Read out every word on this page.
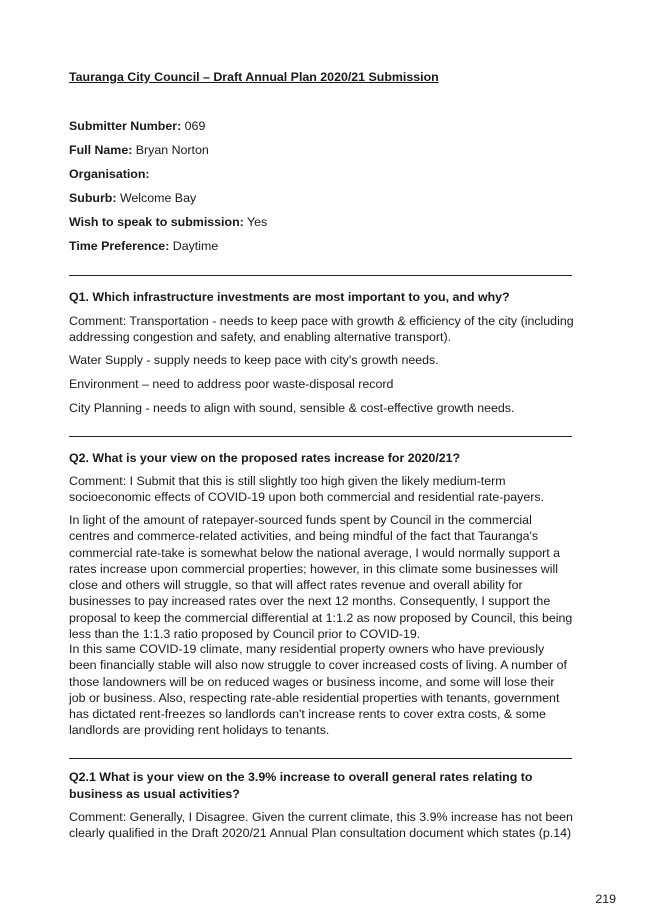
Tauranga City Council – Draft Annual Plan 2020/21 Submission
Submitter Number: 069
Full Name: Bryan Norton
Organisation:
Suburb: Welcome Bay
Wish to speak to submission: Yes
Time Preference: Daytime
Q1. Which infrastructure investments are most important to you, and why?
Comment: Transportation - needs to keep pace with growth & efficiency of the city (including addressing congestion and safety, and enabling alternative transport).
Water Supply - supply needs to keep pace with city's growth needs.
Environment – need to address poor waste-disposal record
City Planning - needs to align with sound, sensible & cost-effective growth needs.
Q2. What is your view on the proposed rates increase for 2020/21?
Comment: I Submit that this is still slightly too high given the likely medium-term socioeconomic effects of COVID-19 upon both commercial and residential rate-payers.
In light of the amount of ratepayer-sourced funds spent by Council in the commercial centres and commerce-related activities, and being mindful of the fact that Tauranga's commercial rate-take is somewhat below the national average, I would normally support a rates increase upon commercial properties; however, in this climate some businesses will close and others will struggle, so that will affect rates revenue and overall ability for businesses to pay increased rates over the next 12 months. Consequently, I support the proposal to keep the commercial differential at 1:1.2 as now proposed by Council, this being less than the 1:1.3 ratio proposed by Council prior to COVID-19.
In this same COVID-19 climate, many residential property owners who have previously been financially stable will also now struggle to cover increased costs of living. A number of those landowners will be on reduced wages or business income, and some will lose their job or business. Also, respecting rate-able residential properties with tenants, government has dictated rent-freezes so landlords can't increase rents to cover extra costs, & some landlords are providing rent holidays to tenants.
Q2.1 What is your view on the 3.9% increase to overall general rates relating to business as usual activities?
Comment: Generally, I Disagree. Given the current climate, this 3.9% increase has not been clearly qualified in the Draft 2020/21 Annual Plan consultation document which states (p.14)
219
